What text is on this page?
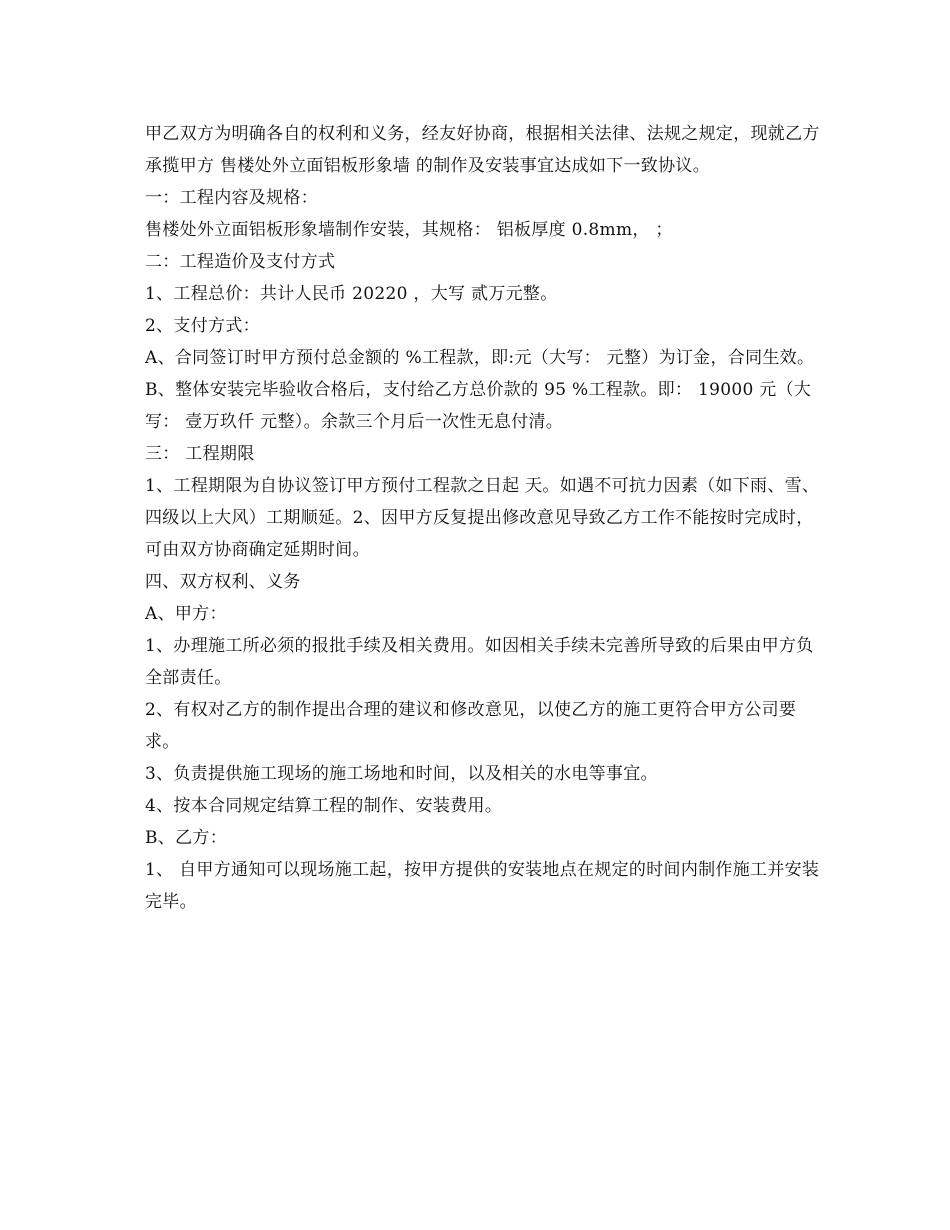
甲乙双方为明确各自的权利和义务，经友好协商，根据相关法律、法规之规定，现就乙方承揽甲方 售楼处外立面铝板形象墙 的制作及安装事宜达成如下一致协议。

一：工程内容及规格：

售楼处外立面铝板形象墙制作安装，其规格： 铝板厚度 0.8mm， ；

二：工程造价及支付方式

1、工程总价：共计人民币 20220 ，大写 贰万元整。

2、支付方式：

A、合同签订时甲方预付总金额的 %工程款，即:元（大写： 元整）为订金，合同生效。

B、整体安装完毕验收合格后，支付给乙方总价款的 95 %工程款。即： 19000 元（大写： 壹万玖仟 元整）。余款三个月后一次性无息付清。

三： 工程期限

1、工程期限为自协议签订甲方预付工程款之日起 天。如遇不可抗力因素（如下雨、雪、四级以上大风）工期顺延。2、因甲方反复提出修改意见导致乙方工作不能按时完成时，可由双方协商确定延期时间。

四、双方权利、义务

A、甲方：

1、办理施工所必须的报批手续及相关费用。如因相关手续未完善所导致的后果由甲方负全部责任。

2、有权对乙方的制作提出合理的建议和修改意见，以使乙方的施工更符合甲方公司要求。

3、负责提供施工现场的施工场地和时间，以及相关的水电等事宜。

4、按本合同规定结算工程的制作、安装费用。

B、乙方：

1、 自甲方通知可以现场施工起，按甲方提供的安装地点在规定的时间内制作施工并安装完毕。
